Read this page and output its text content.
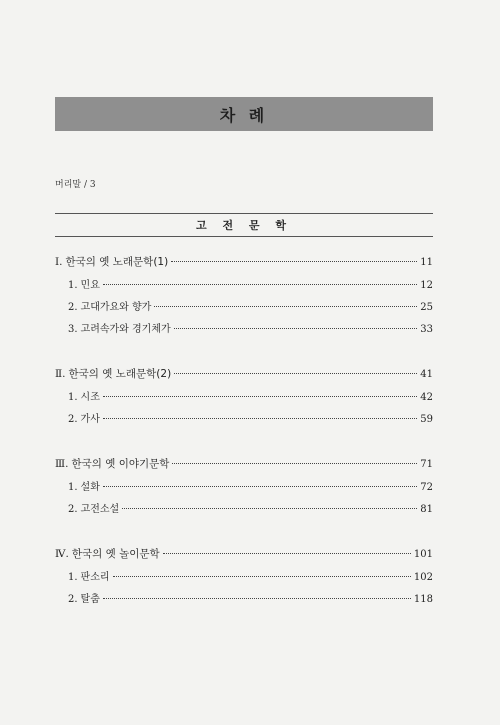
차 례
머리말 / 3
고 전 문 학
Ⅰ. 한국의 옛 노래문학(1)	11
1. 민요	12
2. 고대가요와 향가	25
3. 고려속가와 경기체가	33
Ⅱ. 한국의 옛 노래문학(2)	41
1. 시조	42
2. 가사	59
Ⅲ. 한국의 옛 이야기문학	71
1. 설화	72
2. 고전소설	81
Ⅳ. 한국의 옛 놀이문학	101
1. 판소리	102
2. 탈춤	118
